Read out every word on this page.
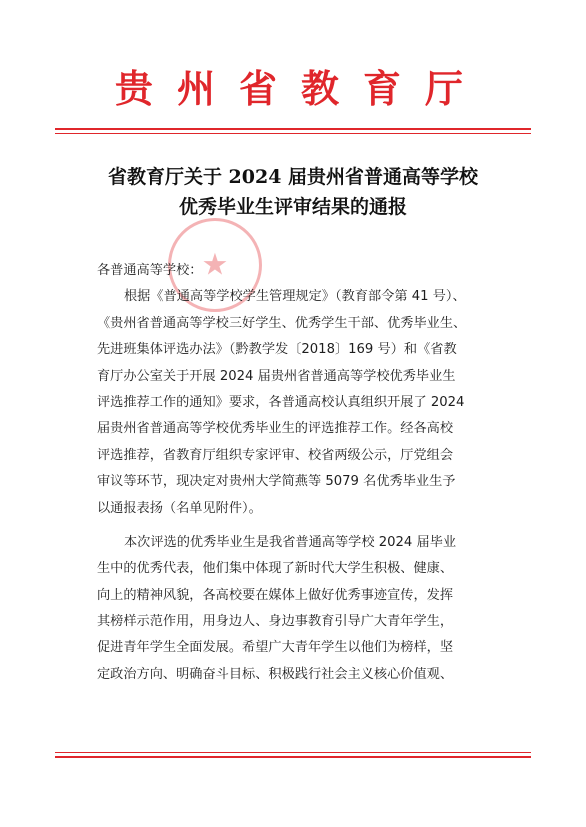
贵州省教育厅
省教育厅关于 2024 届贵州省普通高等学校
优秀毕业生评审结果的通报
★
各普通高等学校：
根据《普通高等学校学生管理规定》（教育部令第 41 号）、
《贵州省普通高等学校三好学生、优秀学生干部、优秀毕业生、
先进班集体评选办法》（黔教学发〔2018〕169 号）和《省教
育厅办公室关于开展 2024 届贵州省普通高等学校优秀毕业生
评选推荐工作的通知》要求，各普通高校认真组织开展了 2024
届贵州省普通高等学校优秀毕业生的评选推荐工作。经各高校
评选推荐，省教育厅组织专家评审、校省两级公示，厅党组会
审议等环节，现决定对贵州大学简燕等 5079 名优秀毕业生予
以通报表扬（名单见附件）。
本次评选的优秀毕业生是我省普通高等学校 2024 届毕业
生中的优秀代表，他们集中体现了新时代大学生积极、健康、
向上的精神风貌，各高校要在媒体上做好优秀事迹宣传，发挥
其榜样示范作用，用身边人、身边事教育引导广大青年学生，
促进青年学生全面发展。希望广大青年学生以他们为榜样，坚
定政治方向、明确奋斗目标、积极践行社会主义核心价值观、
